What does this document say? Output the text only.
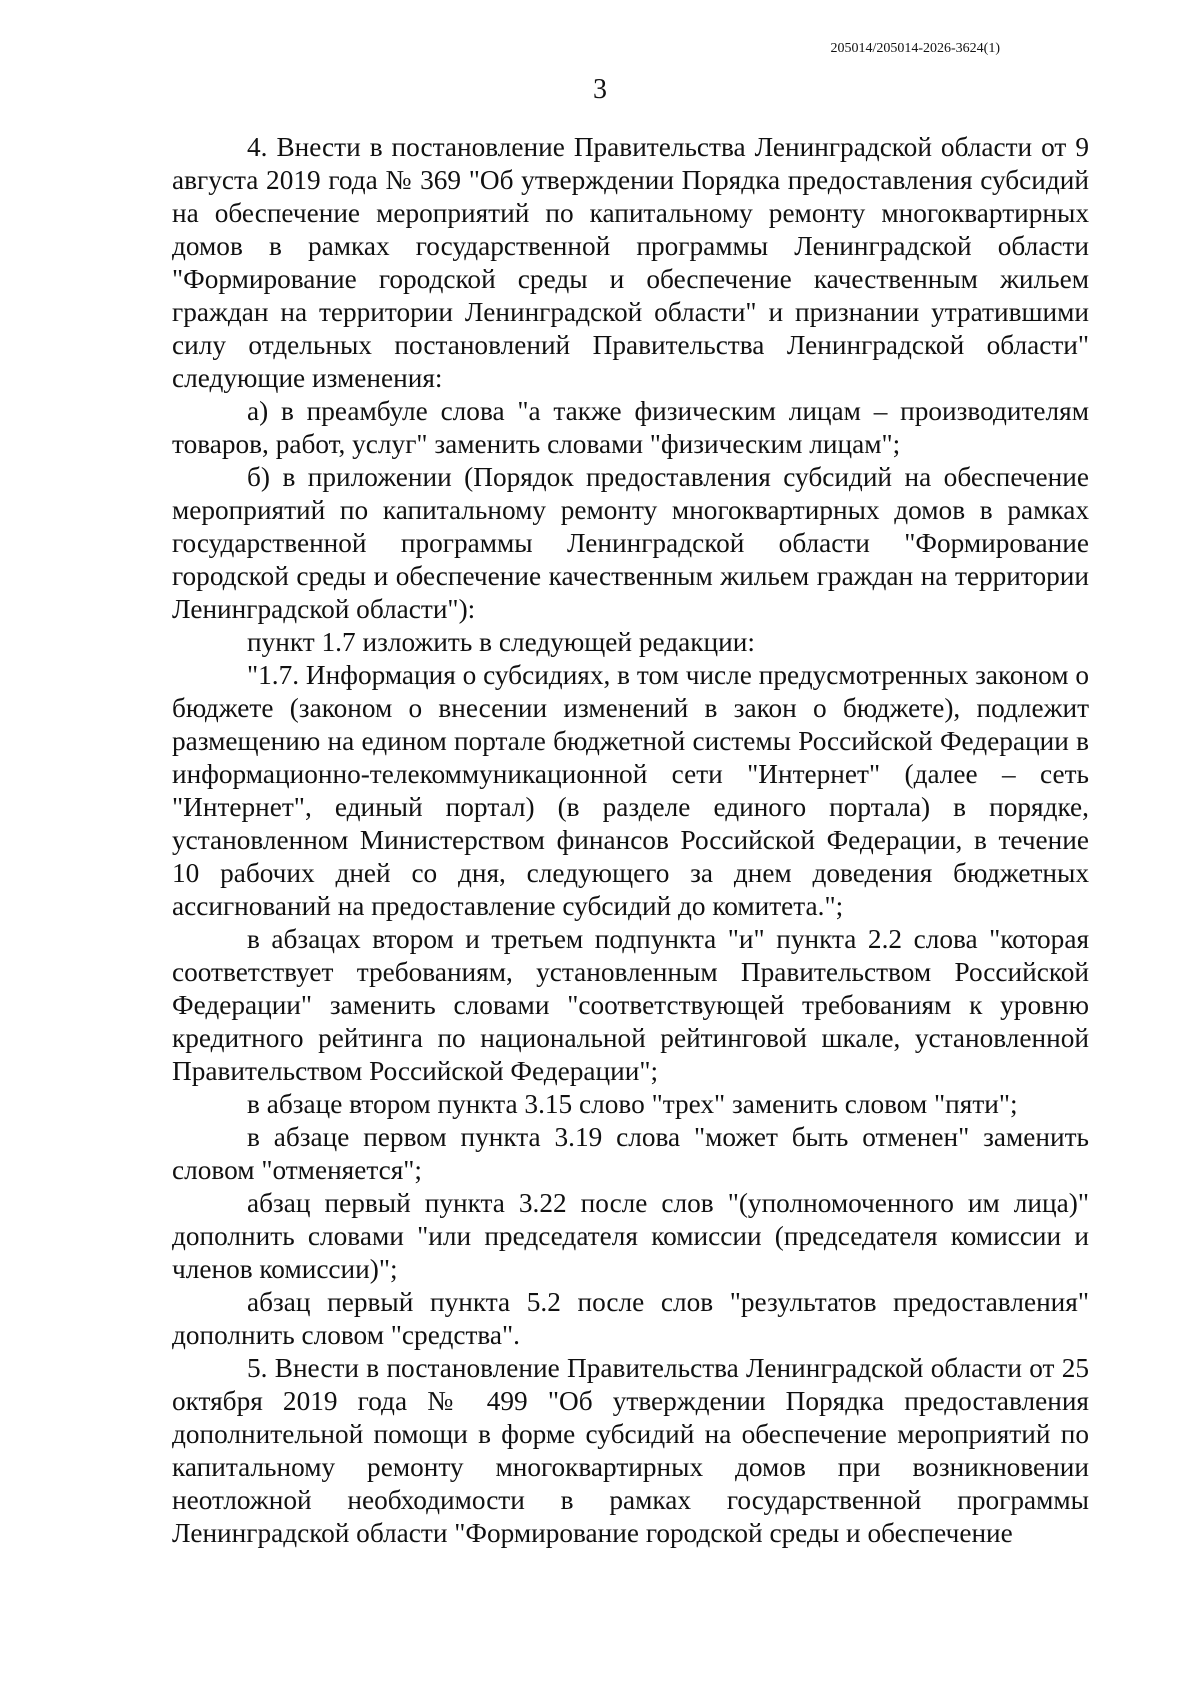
205014/205014-2026-3624(1)
3

4. Внести в постановление Правительства Ленинградской области от 9 августа 2019 года № 369 "Об утверждении Порядка предоставления субсидий на обеспечение мероприятий по капитальному ремонту многоквартирных домов в рамках государственной программы Ленинградской области "Формирование городской среды и обеспечение качественным жильем граждан на территории Ленинградской области" и признании утратившими силу отдельных постановлений Правительства Ленинградской области" следующие изменения:

а) в преамбуле слова "а также физическим лицам – производителям товаров, работ, услуг" заменить словами "физическим лицам";

б) в приложении (Порядок предоставления субсидий на обеспечение мероприятий по капитальному ремонту многоквартирных домов в рамках государственной программы Ленинградской области "Формирование городской среды и обеспечение качественным жильем граждан на территории Ленинградской области"):

пункт 1.7 изложить в следующей редакции:

"1.7. Информация о субсидиях, в том числе предусмотренных законом о бюджете (законом о внесении изменений в закон о бюджете), подлежит размещению на едином портале бюджетной системы Российской Федерации в информационно-телекоммуникационной сети "Интернет" (далее – сеть "Интернет", единый портал) (в разделе единого портала) в порядке, установленном Министерством финансов Российской Федерации, в течение 10 рабочих дней со дня, следующего за днем доведения бюджетных ассигнований на предоставление субсидий до комитета.";

в абзацах втором и третьем подпункта "и" пункта 2.2 слова "которая соответствует требованиям, установленным Правительством Российской Федерации" заменить словами "соответствующей требованиям к уровню кредитного рейтинга по национальной рейтинговой шкале, установленной Правительством Российской Федерации";

в абзаце втором пункта 3.15 слово "трех" заменить словом "пяти";

в абзаце первом пункта 3.19 слова "может быть отменен" заменить словом "отменяется";

абзац первый пункта 3.22 после слов "(уполномоченного им лица)" дополнить словами "или председателя комиссии (председателя комиссии и членов комиссии)";

абзац первый пункта 5.2 после слов "результатов предоставления" дополнить словом "средства".

5. Внести в постановление Правительства Ленинградской области от 25 октября 2019 года № 499 "Об утверждении Порядка предоставления дополнительной помощи в форме субсидий на обеспечение мероприятий по капитальному ремонту многоквартирных домов при возникновении неотложной необходимости в рамках государственной программы Ленинградской области "Формирование городской среды и обеспечение
